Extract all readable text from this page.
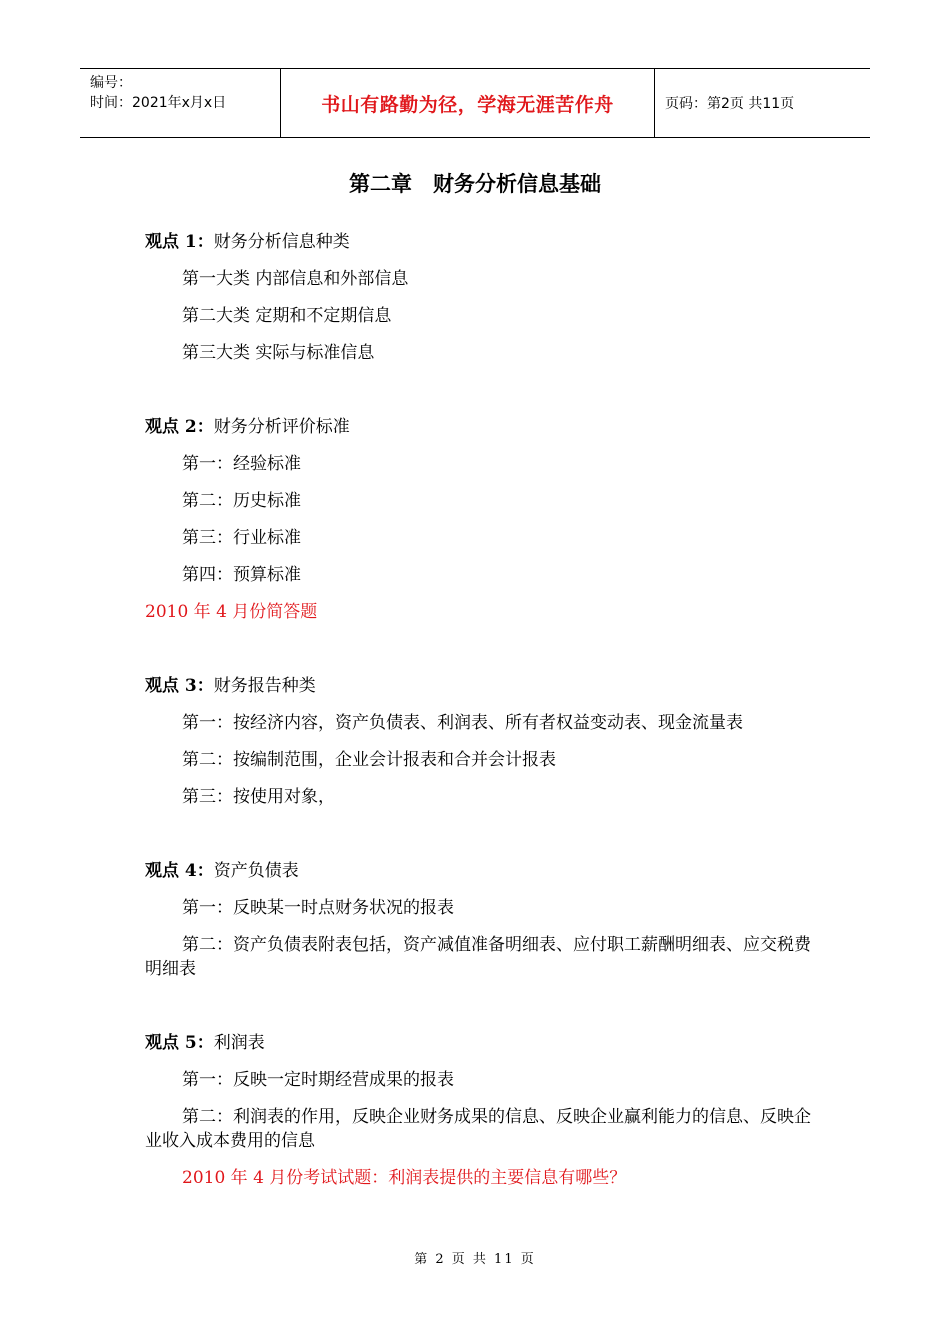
编号：
时间：2021年x月x日	书山有路勤为径，学海无涯苦作舟	页码：第2页 共11页
第二章　财务分析信息基础
观点 1：财务分析信息种类
第一大类 内部信息和外部信息
第二大类 定期和不定期信息
第三大类 实际与标准信息
观点 2：财务分析评价标准
第一：经验标准
第二：历史标准
第三：行业标准
第四：预算标准
2010 年 4 月份简答题
观点 3：财务报告种类
第一：按经济内容，资产负债表、利润表、所有者权益变动表、现金流量表
第二：按编制范围，企业会计报表和合并会计报表
第三：按使用对象，
观点 4：资产负债表
第一：反映某一时点财务状况的报表
第二：资产负债表附表包括，资产减值准备明细表、应付职工薪酬明细表、应交税费明细表
观点 5：利润表
第一：反映一定时期经营成果的报表
第二：利润表的作用，反映企业财务成果的信息、反映企业赢利能力的信息、反映企业收入成本费用的信息
2010 年 4 月份考试试题：利润表提供的主要信息有哪些？
第 2 页 共 11 页
